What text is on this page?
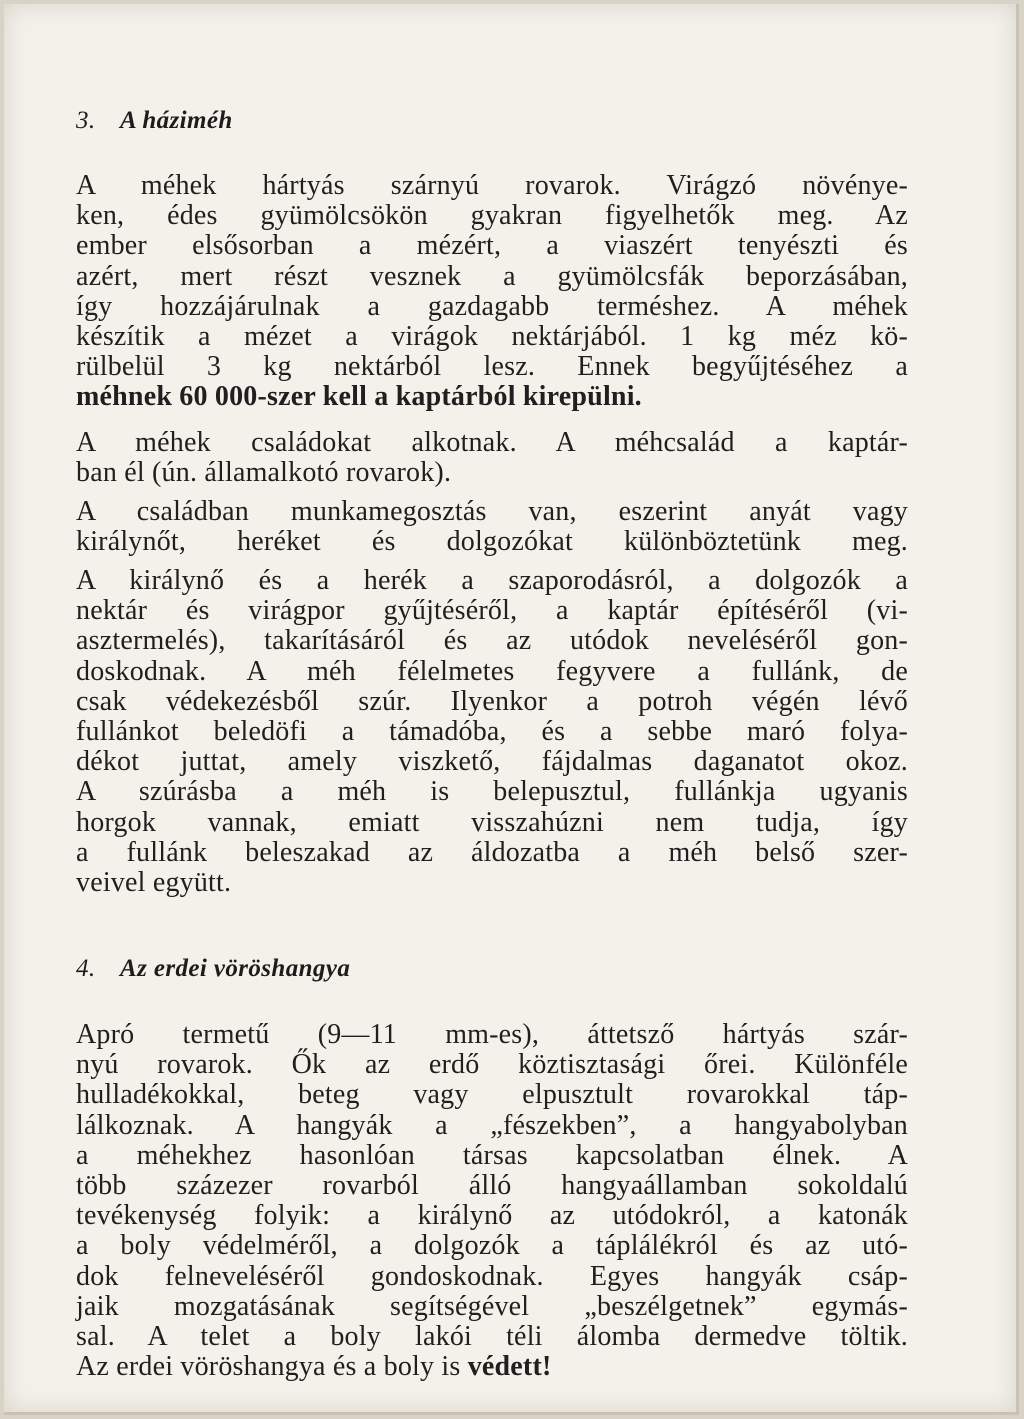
3. A háziméh
A méhek hártyás szárnyú rovarok. Virágzó növénye-
ken, édes gyümölcsökön gyakran figyelhetők meg. Az
ember elsősorban a mézért, a viaszért tenyészti és
azért, mert részt vesznek a gyümölcsfák beporzásában,
így hozzájárulnak a gazdagabb terméshez. A méhek
készítik a mézet a virágok nektárjából. 1 kg méz kö-
rülbelül 3 kg nektárból lesz. Ennek begyűjtéséhez a
méhnek 60 000-szer kell a kaptárból kirepülni.
A méhek családokat alkotnak. A méhcsalád a kaptár-
ban él (ún. államalkotó rovarok).
A családban munkamegosztás van, eszerint anyát vagy
királynőt, heréket és dolgozókat különböztetünk meg.
A királynő és a herék a szaporodásról, a dolgozók a
nektár és virágpor gyűjtéséről, a kaptár építéséről (vi-
asztermelés), takarításáról és az utódok neveléséről gon-
doskodnak. A méh félelmetes fegyvere a fullánk, de
csak védekezésből szúr. Ilyenkor a potroh végén lévő
fullánkot beledöfi a támadóba, és a sebbe maró folya-
dékot juttat, amely viszkető, fájdalmas daganatot okoz.
A szúrásba a méh is belepusztul, fullánkja ugyanis
horgok vannak, emiatt visszahúzni nem tudja, így
a fullánk beleszakad az áldozatba a méh belső szer-
veivel együtt.
4. Az erdei vöröshangya
Apró termetű (9—11 mm-es), áttetsző hártyás szár-
nyú rovarok. Ők az erdő köztisztasági őrei. Különféle
hulladékokkal, beteg vagy elpusztult rovarokkal táp-
lálkoznak. A hangyák a „fészekben”, a hangyabolyban
a méhekhez hasonlóan társas kapcsolatban élnek. A
több százezer rovarból álló hangyaállamban sokoldalú
tevékenység folyik: a királynő az utódokról, a katonák
a boly védelméről, a dolgozók a táplálékról és az utó-
dok felneveléséről gondoskodnak. Egyes hangyák csáp-
jaik mozgatásának segítségével „beszélgetnek” egymás-
sal. A telet a boly lakói téli álomba dermedve töltik.
Az erdei vöröshangya és a boly is védett!
